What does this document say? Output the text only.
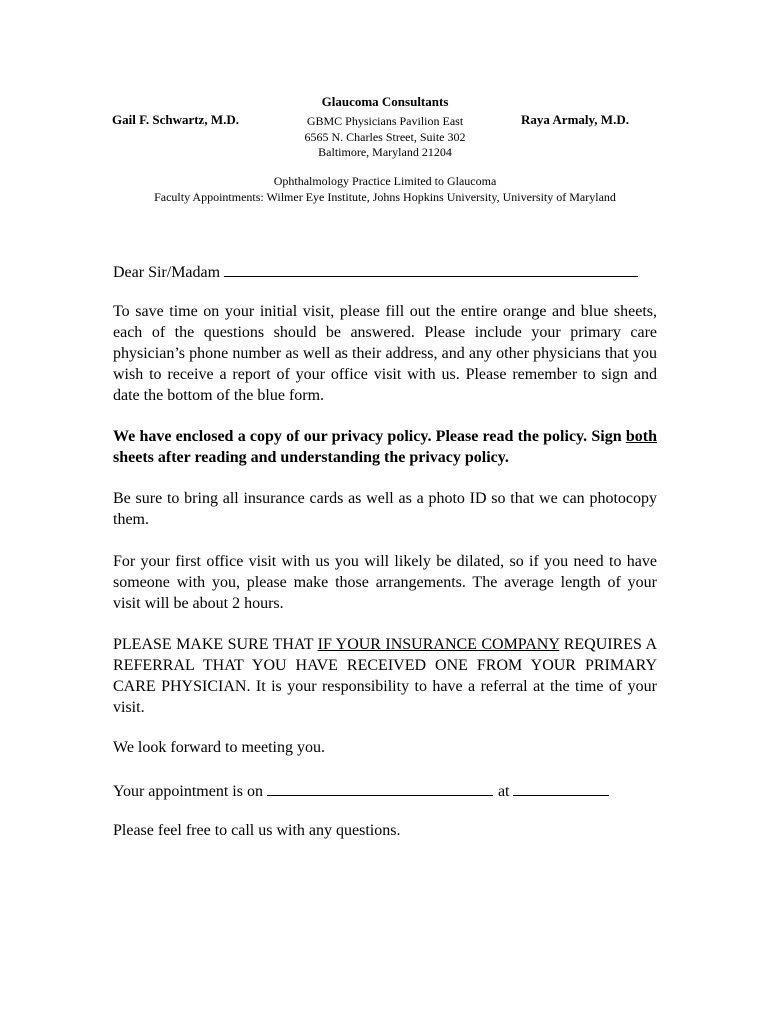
Glaucoma Consultants
Gail F. Schwartz, M.D.	GBMC Physicians Pavilion East	Raya Armaly, M.D.
6565 N. Charles Street, Suite 302
Baltimore, Maryland 21204
Ophthalmology Practice Limited to Glaucoma
Faculty Appointments: Wilmer Eye Institute, Johns Hopkins University, University of Maryland
Dear Sir/Madam
To save time on your initial visit, please fill out the entire orange and blue sheets, each of the questions should be answered. Please include your primary care physician’s phone number as well as their address, and any other physicians that you wish to receive a report of your office visit with us. Please remember to sign and date the bottom of the blue form.
We have enclosed a copy of our privacy policy. Please read the policy. Sign both sheets after reading and understanding the privacy policy.
Be sure to bring all insurance cards as well as a photo ID so that we can photocopy them.
For your first office visit with us you will likely be dilated, so if you need to have someone with you, please make those arrangements. The average length of your visit will be about 2 hours.
PLEASE MAKE SURE THAT IF YOUR INSURANCE COMPANY REQUIRES A REFERRAL THAT YOU HAVE RECEIVED ONE FROM YOUR PRIMARY CARE PHYSICIAN. It is your responsibility to have a referral at the time of your visit.
We look forward to meeting you.
Your appointment is on	at
Please feel free to call us with any questions.
